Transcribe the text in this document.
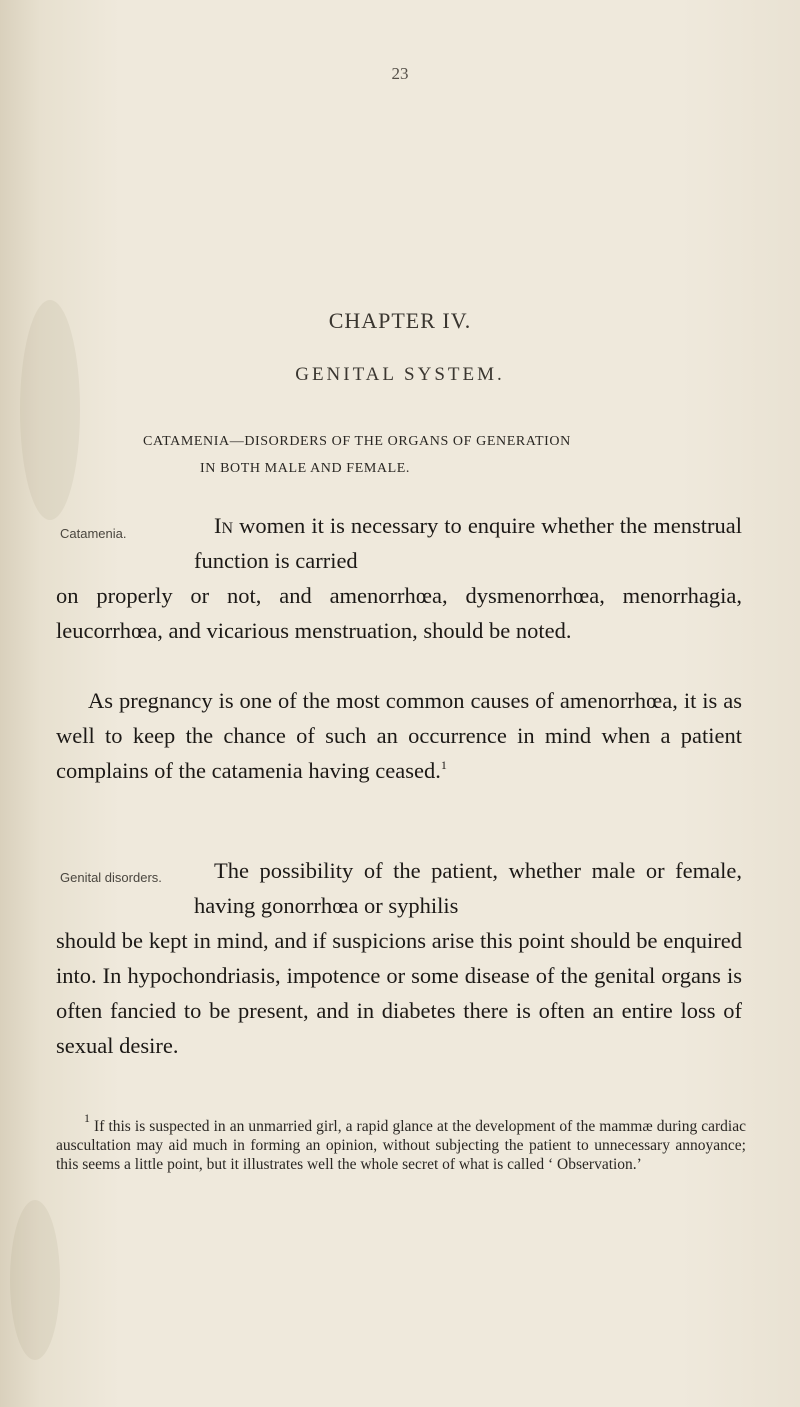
23
CHAPTER IV.
GENITAL SYSTEM.
CATAMENIA—DISORDERS OF THE ORGANS OF GENERATION
IN BOTH MALE AND FEMALE.
Catamenia.	In women it is necessary to enquire whether the menstrual function is carried

on properly or not, and amenorrhœa, dysmenorrhœa, menorrhagia, leucorrhœa, and vicarious menstruation, should be noted.

As pregnancy is one of the most common causes of amenorrhœa, it is as well to keep the chance of such an occurrence in mind when a patient complains of the catamenia having ceased.$^1$

Genital disorders.	The possibility of the patient, whether male or female, having gonorrhœa or syphilis

should be kept in mind, and if suspicions arise this point should be enquired into. In hypochondriasis, impotence or some disease of the genital organs is often fancied to be present, and in diabetes there is often an entire loss of sexual desire.

$^1$ If this is suspected in an unmarried girl, a rapid glance at the development of the mammæ during cardiac auscultation may aid much in forming an opinion, without subjecting the patient to unnecessary annoyance; this seems a little point, but it illustrates well the whole secret of what is called ‘ Observation.’
